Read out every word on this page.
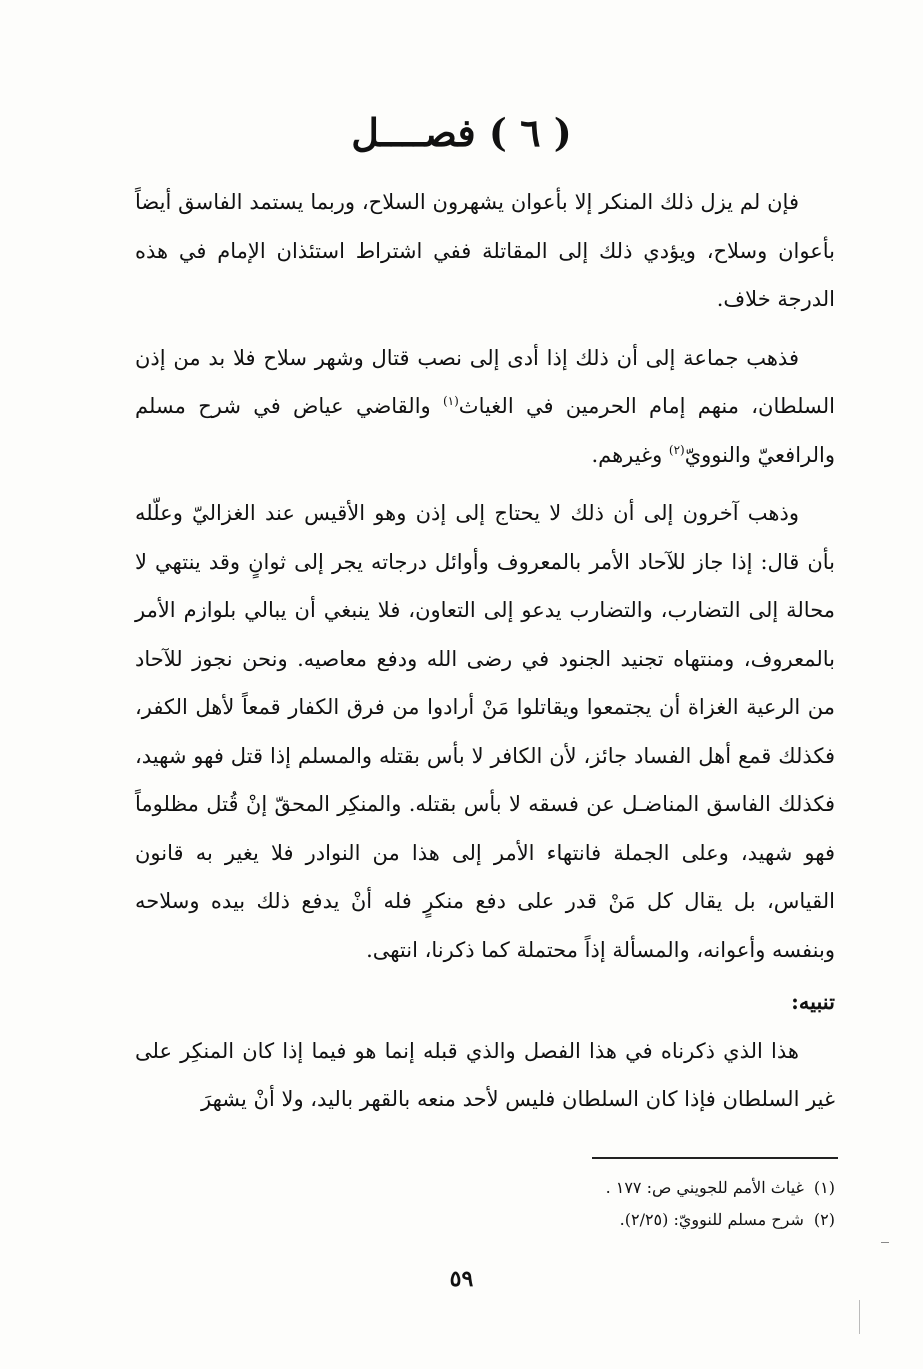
( ٦ ) فصــــل

فإن لم يزل ذلك المنكر إلا بأعوان يشهرون السلاح، وربما يستمد الفاسق أيضاً بأعوان وسلاح، ويؤدي ذلك إلى المقاتلة ففي اشتراط استئذان الإمام في هذه الدرجة خلاف.

فذهب جماعة إلى أن ذلك إذا أدى إلى نصب قتال وشهر سلاح فلا بد من إذن السلطان، منهم إمام الحرمين في الغياث$^{(١)}$ والقاضي عياض في شرح مسلم والرافعيّ والنوويّ$^{(٢)}$ وغيرهم.

وذهب آخرون إلى أن ذلك لا يحتاج إلى إذن وهو الأقيس عند الغزاليّ وعلّله بأن قال: إذا جاز للآحاد الأمر بالمعروف وأوائل درجاته يجر إلى ثوانٍ وقد ينتهي لا محالة إلى التضارب، والتضارب يدعو إلى التعاون، فلا ينبغي أن يبالي بلوازم الأمر بالمعروف، ومنتهاه تجنيد الجنود في رضى الله ودفع معاصيه. ونحن نجوز للآحاد من الرعية الغزاة أن يجتمعوا ويقاتلوا مَنْ أرادوا من فرق الكفار قمعاً لأهل الكفر، فكذلك قمع أهل الفساد جائز، لأن الكافر لا بأس بقتله والمسلم إذا قتل فهو شهيد، فكذلك الفاسق المناضـل عن فسقه لا بأس بقتله. والمنكِر المحقّ إنْ قُتل مظلوماً فهو شهيد، وعلى الجملة فانتهاء الأمر إلى هذا من النوادر فلا يغير به قانون القياس، بل يقال كل مَنْ قدر على دفع منكرٍ فله أنْ يدفع ذلك بيده وسلاحه وبنفسه وأعوانه، والمسألة إذاً محتملة كما ذكرنا، انتهى.

تنبيه:

هذا الذي ذكرناه في هذا الفصل والذي قبله إنما هو فيما إذا كان المنكِر على غير السلطان فإذا كان السلطان فليس لأحد منعه بالقهر باليد، ولا أنْ يشهرَ

(١)غياث الأمم للجويني ص: ١٧٧ .

(٢)شرح مسلم للنوويّ: (٢/٢٥).

٥٩
